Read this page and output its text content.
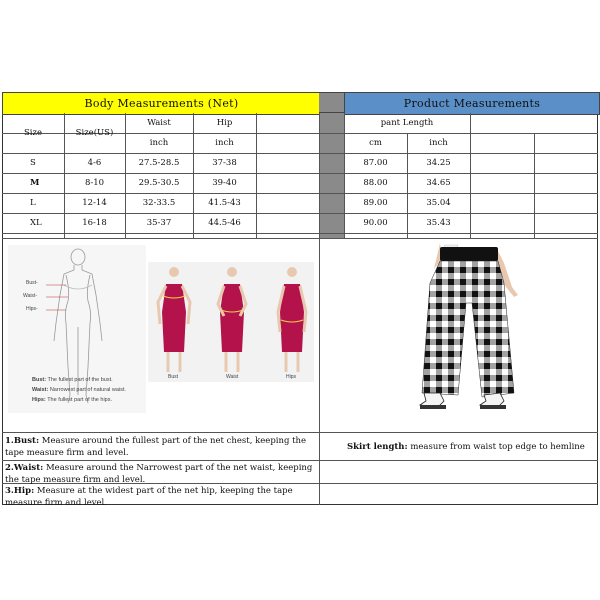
Body Measurements (Net)	Product Measurements
Size	Size(US)
Waist	Hip
inch	inch
pant Length
cm	inch
S	4-6	27.5-28.5	37-38	87.00	34.25
M	8-10	29.5-30.5	39-40	88.00	34.65
L	12-14	32-33.5	41.5-43	89.00	35.04
XL	16-18	35-37	44.5-46	90.00	35.43
Bust-
Waist-
Hips-
Bust: The fullest part of the bust.
Waist: Narrowest part of natural waist.
Hips: The fullest part of the hips.
Bust	Waist	Hips
1.Bust: Measure around the fullest part of the net chest, keeping the tape measure firm and level.
2.Waist: Measure around the Narrowest part of the net waist, keeping the tape measure firm and level.
3.Hip: Measure at the widest part of the net hip, keeping the tape measure firm and level.
Skirt length: measure from waist top edge to hemline
